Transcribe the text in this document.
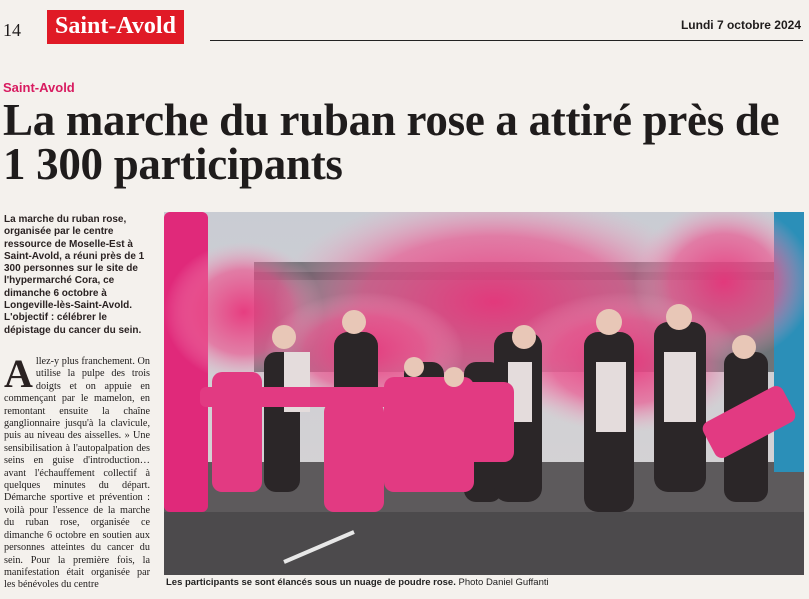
14	Saint-Avold	Lundi 7 octobre 2024
Saint-Avold
La marche du ruban rose a attiré près de 1 300 participants
La marche du ruban rose, organisée par le centre ressource de Moselle-Est à Saint-Avold, a réuni près de 1 300 personnes sur le site de l'hypermarché Cora, ce dimanche 6 octobre à Longeville-lès-Saint-Avold. L'objectif : célébrer le dépistage du cancer du sein.
Allez-y plus franchement. On utilise la pulpe des trois doigts et on appuie en commençant par le mamelon, en remontant ensuite la chaîne ganglionnaire jusqu'à la clavicule, puis au niveau des aisselles. » Une sensibilisation à l'autopalpation des seins en guise d'introduction… avant l'échauffement collectif à quelques minutes du départ. Démarche sportive et prévention : voilà pour l'essence de la marche du ruban rose, organisée ce dimanche 6 octobre en soutien aux personnes atteintes du cancer du sein. Pour la première fois, la manifestation était organisée par les bénévoles du centre	Les participants se sont élancés sous un nuage de poudre rose. Photo Daniel Guffanti
